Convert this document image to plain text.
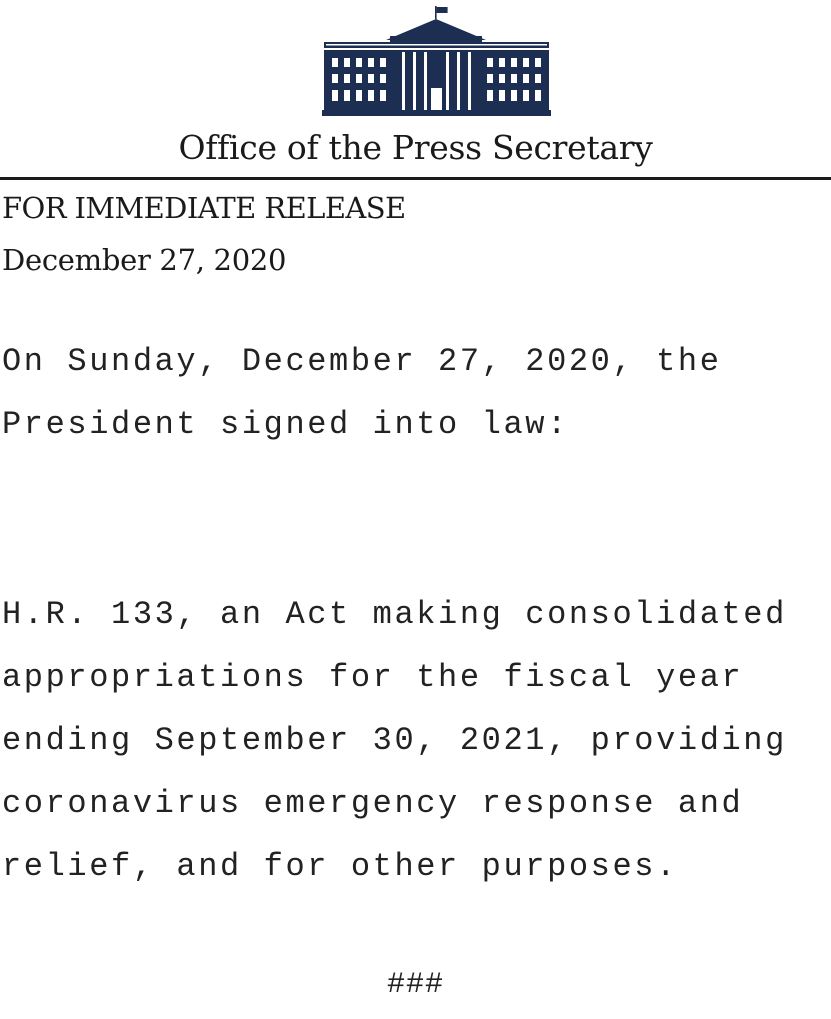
Office of the Press Secretary
FOR IMMEDIATE RELEASE
December 27, 2020
On Sunday, December 27, 2020, the
President signed into law:
H.R. 133, an Act making consolidated
appropriations for the fiscal year
ending September 30, 2021, providing
coronavirus emergency response and
relief, and for other purposes.
###
